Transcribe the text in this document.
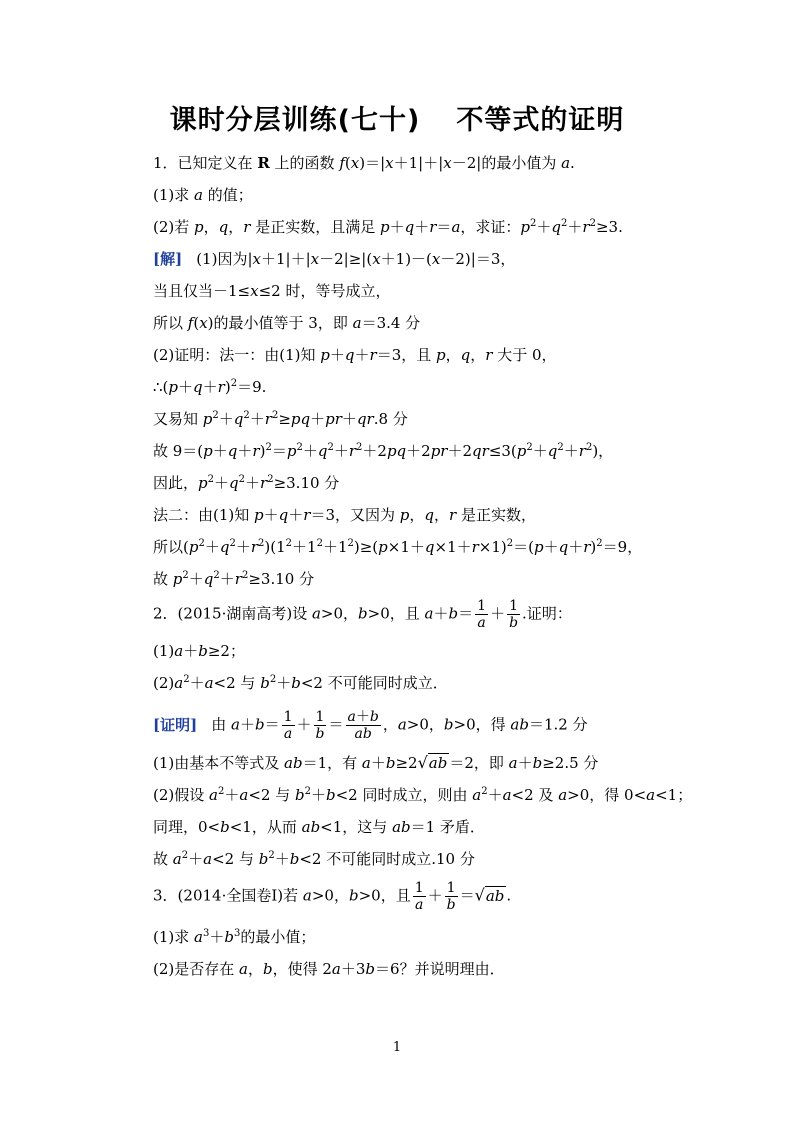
课时分层训练(七十) 不等式的证明
1．已知定义在 R 上的函数 f(x)＝|x＋1|＋|x－2|的最小值为 a.
(1)求 a 的值；
(2)若 p，q，r 是正实数，且满足 p＋q＋r＝a，求证：$p^2+q^2+r^2\ge 3$.
[解] (1)因为|x＋1|＋|x－2|≥|(x＋1)－(x－2)|＝3，
当且仅当－1≤x≤2 时，等号成立，
所以 f(x)的最小值等于 3，即 a＝3.4 分
(2)证明：法一：由(1)知 p＋q＋r＝3，且 p，q，r 大于 0，
$\therefore(p+q+r)^2=9$.
又易知 $p^2+q^2+r^2\ge pq+pr+qr.8$ 分
故 $9=(p+q+r)^2=p^2+q^2+r^2+2pq+2pr+2qr\le 3(p^2+q^2+r^2)$，
因此，$p^2+q^2+r^2\ge 3.10$ 分
法二：由(1)知 p＋q＋r＝3，又因为 p，q，r 是正实数，
所以$(p^2+q^2+r^2)(1^2+1^2+1^2)\ge(p\times 1+q\times 1+r\times 1)^2=(p+q+r)^2=9$，
故 $p^2+q^2+r^2\ge 3.10$ 分
2．(2015·湖南高考)设 a>0，b>0，且 $a+b= \frac{1}{a} + \frac{1}{b}$ .证明：
(1)a＋b≥2；
$(2)a^2+a<2$ 与 $b^2+b<2$ 不可能同时成立．
[证明] 由 $a+b= \frac{1}{a} + \frac{1}{b} = \frac{a+b}{ab}$ ，a>0，b>0，得 ab＝1.2 分
(1)由基本不等式及 ab＝1，有 a＋b≥2√ab ＝2，即 a＋b≥2.5 分
(2)假设 $a^2+a<2$ 与 $b^2+b<2$ 同时成立，则由 $a^2+a<2$ 及 a>0，得 0<a<1；
同理，0<b<1，从而 ab<1，这与 ab＝1 矛盾．
故 $a^2+a<2$ 与 $b^2+b<2$ 不可能同时成立.10 分
3．(2014·全国卷Ⅰ)若 a>0，b>0，且 $\frac{1}{a} + \frac{1}{b} =√ab$ .
(1)求 $a^3+b^3$的最小值；
(2)是否存在 a，b，使得 2a＋3b＝6？并说明理由．
1
